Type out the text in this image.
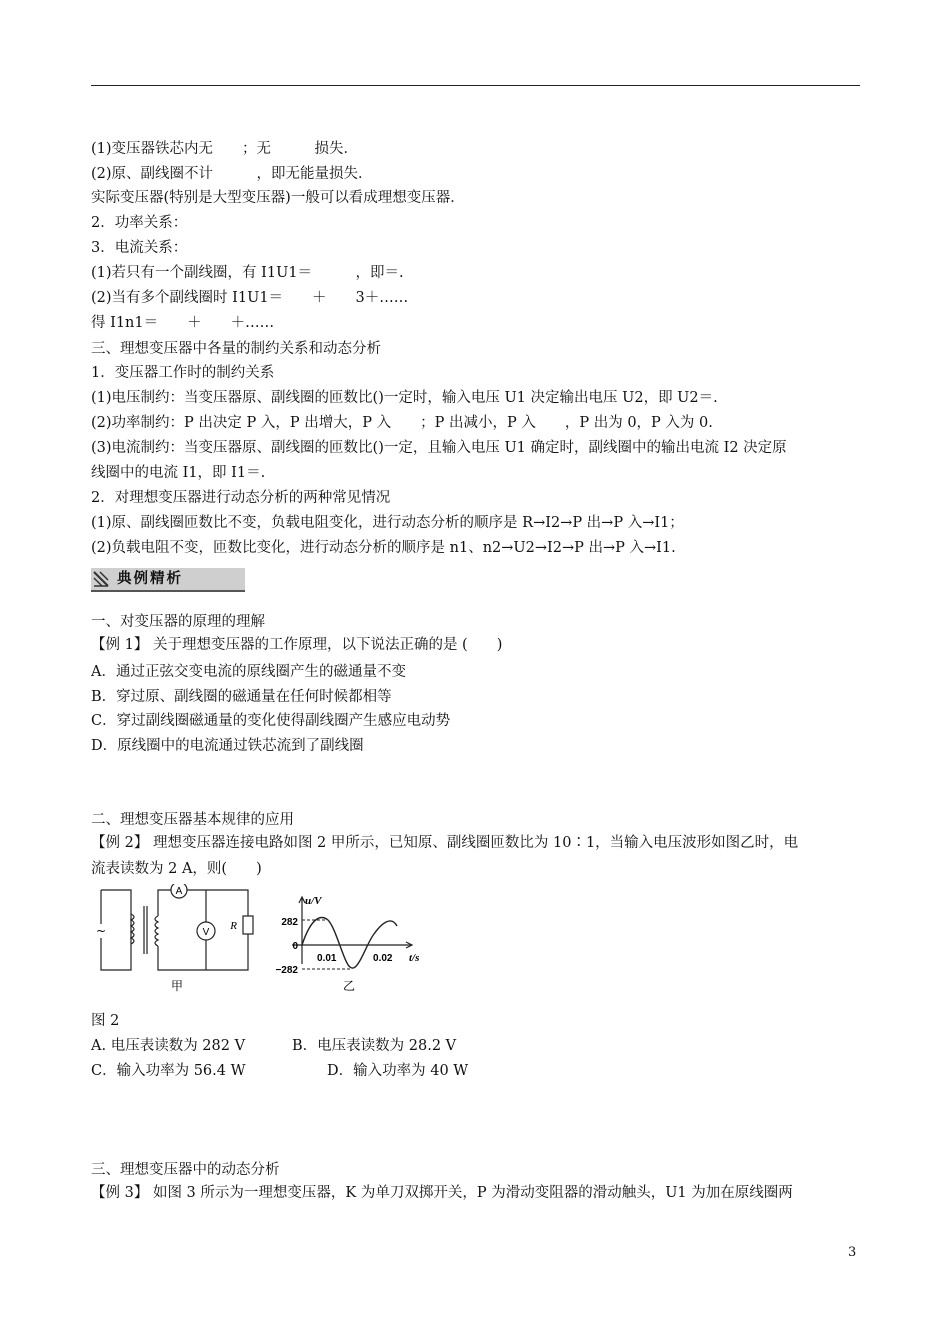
(1)变压器铁芯内无　　；无　　　损失．
(2)原、副线圈不计　　　，即无能量损失．
实际变压器(特别是大型变压器)一般可以看成理想变压器．
2．功率关系：
3．电流关系：
(1)若只有一个副线圈，有 I1U1＝　　　，即＝.
(2)当有多个副线圈时 I1U1＝　　＋　　3＋……
得 I1n1＝　　＋　　＋……
三、理想变压器中各量的制约关系和动态分析
1．变压器工作时的制约关系
(1)电压制约：当变压器原、副线圈的匝数比()一定时，输入电压 U1 决定输出电压 U2，即 U2＝.
(2)功率制约：P 出决定 P 入，P 出增大，P 入　　；P 出减小，P 入　　，P 出为 0，P 入为 0.
(3)电流制约：当变压器原、副线圈的匝数比()一定，且输入电压 U1 确定时，副线圈中的输出电流 I2 决定原
线圈中的电流 I1，即 I1＝.
2．对理想变压器进行动态分析的两种常见情况
(1)原、副线圈匝数比不变，负载电阻变化，进行动态分析的顺序是 R→I2→P 出→P 入→I1；
(2)负载电阻不变，匝数比变化，进行动态分析的顺序是 n1、n2→U2→I2→P 出→P 入→I1.
典例精析
一、对变压器的原理的理解
【例 1】 关于理想变压器的工作原理，以下说法正确的是 (　　)
A．通过正弦交变电流的原线圈产生的磁通量不变
B．穿过原、副线圈的磁通量在任何时候都相等
C．穿过副线圈磁通量的变化使得副线圈产生感应电动势
D．原线圈中的电流通过铁芯流到了副线圈
二、理想变压器基本规律的应用
【例 2】 理想变压器连接电路如图 2 甲所示，已知原、副线圈匝数比为 10∶1，当输入电压波形如图乙时，电
流表读数为 2 A，则(　　)
A
V
R
~
甲
u/V
282
0
−282
0.01	0.02 t/s
乙
图 2
A. 电压表读数为 282 V	B．电压表读数为 28.2 V
C．输入功率为 56.4 W	D．输入功率为 40 W
三、理想变压器中的动态分析
【例 3】 如图 3 所示为一理想变压器，K 为单刀双掷开关，P 为滑动变阻器的滑动触头，U1 为加在原线圈两
3
